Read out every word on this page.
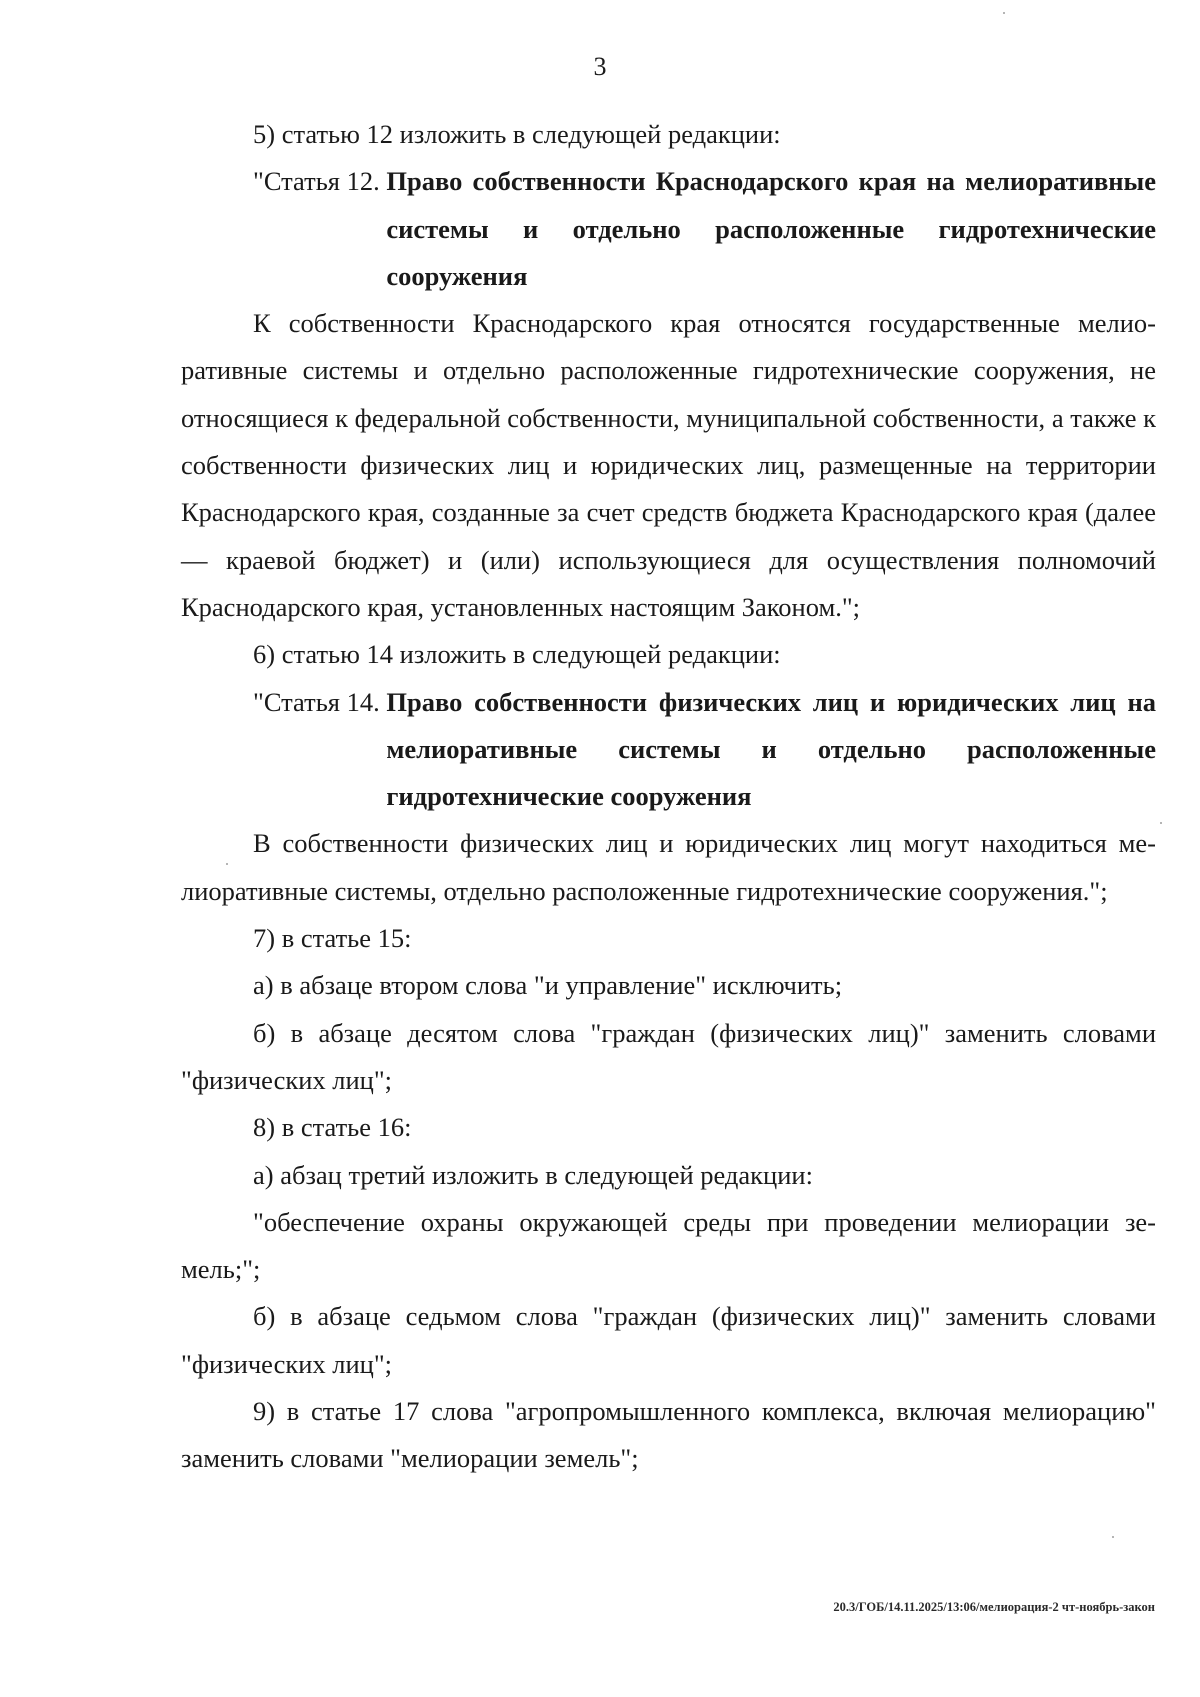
3

5) статью 12 изложить в следующей редакции:

"Статья 12. Право собственности Краснодарского края на мелиоративные системы и отдельно расположенные гидротехнические сооружения

К собственности Краснодарского края относятся государственные мелиоративные системы и отдельно расположенные гидротехнические сооружения, не относящиеся к федеральной собственности, муниципальной собственности, а также к собственности физических лиц и юридических лиц, размещенные на территории Краснодарского края, созданные за счет средств бюджета Краснодарского края (далее — краевой бюджет) и (или) использующиеся для осуществления полномочий Краснодарского края, установленных настоящим Законом.";

6) статью 14 изложить в следующей редакции:

"Статья 14. Право собственности физических лиц и юридических лиц на мелиоративные системы и отдельно расположенные гидротехнические сооружения

В собственности физических лиц и юридических лиц могут находиться мелиоративные системы, отдельно расположенные гидротехнические сооружения.";

7) в статье 15:

а) в абзаце втором слова "и управление" исключить;

б) в абзаце десятом слова "граждан (физических лиц)" заменить словами "физических лиц";

8) в статье 16:

а) абзац третий изложить в следующей редакции:

"обеспечение охраны окружающей среды при проведении мелиорации земель;";

б) в абзаце седьмом слова "граждан (физических лиц)" заменить словами "физических лиц";

9) в статье 17 слова "агропромышленного комплекса, включая мелиорацию" заменить словами "мелиорации земель";

20.3/ГОБ/14.11.2025/13:06/мелиорация-2 чт-ноябрь-закон
